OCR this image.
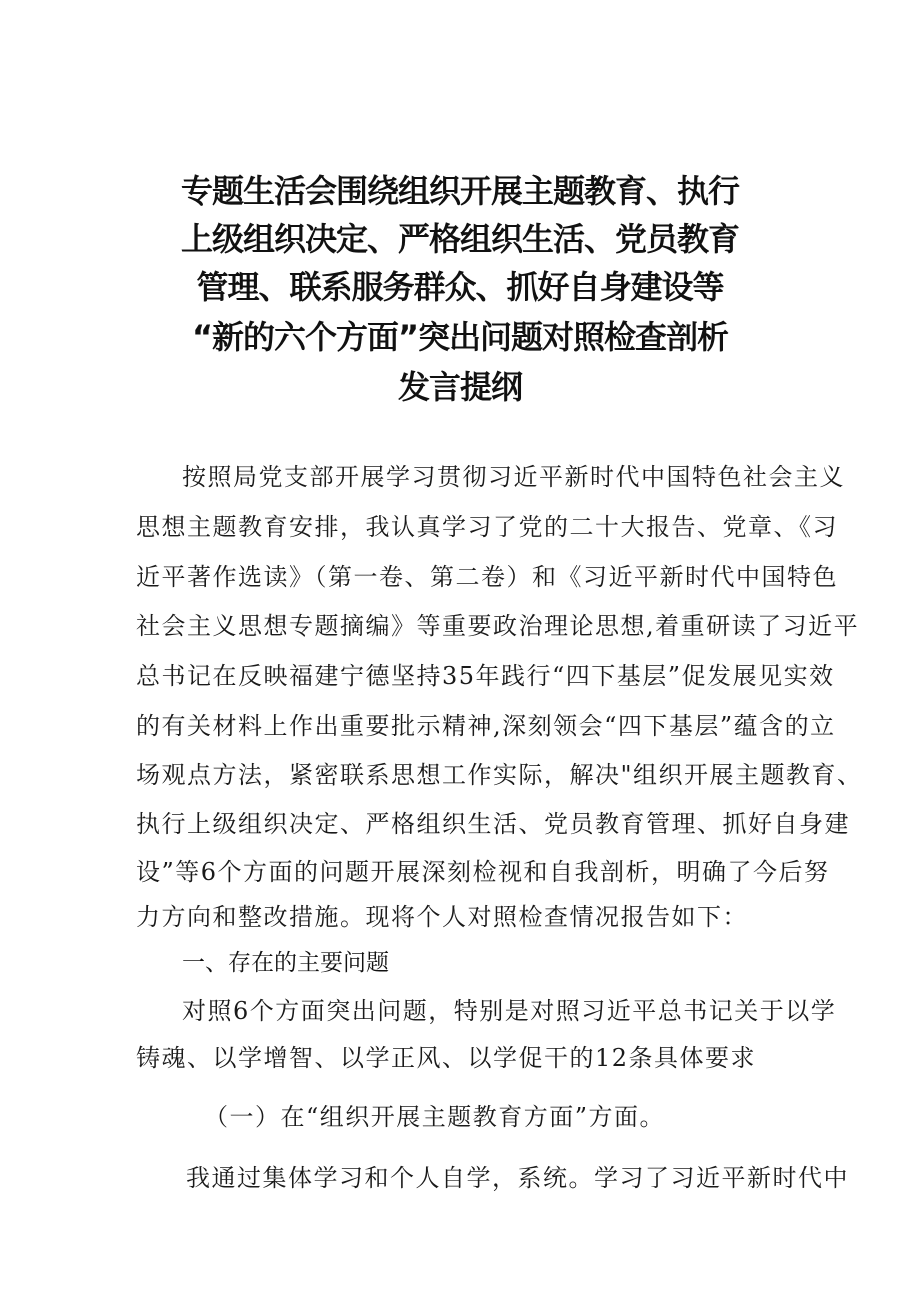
专题生活会围绕组织开展主题教育、执行
上级组织决定、严格组织生活、党员教育
管理、联系服务群众、抓好自身建设等
“新的六个方面”突出问题对照检查剖析
发言提纲
按照局党支部开展学习贯彻习近平新时代中国特色社会主义
思想主题教育安排，我认真学习了党的二十大报告、党章、《习
近平著作选读》（第一卷、第二卷）和《习近平新时代中国特色
社会主义思想专题摘编》等重要政治理论思想,着重研读了习近平
总书记在反映福建宁德坚持35年践行“四下基层”促发展见实效
的有关材料上作出重要批示精神,深刻领会“四下基层”蕴含的立
场观点方法，紧密联系思想工作实际，解决"组织开展主题教育、
执行上级组织决定、严格组织生活、党员教育管理、抓好自身建
设”等6个方面的问题开展深刻检视和自我剖析，明确了今后努
力方向和整改措施。现将个人对照检查情况报告如下：
一、存在的主要问题
对照6个方面突出问题，特别是对照习近平总书记关于以学
铸魂、以学增智、以学正风、以学促干的12条具体要求
（一）在“组织开展主题教育方面”方面。
我通过集体学习和个人自学，系统。学习了习近平新时代中
